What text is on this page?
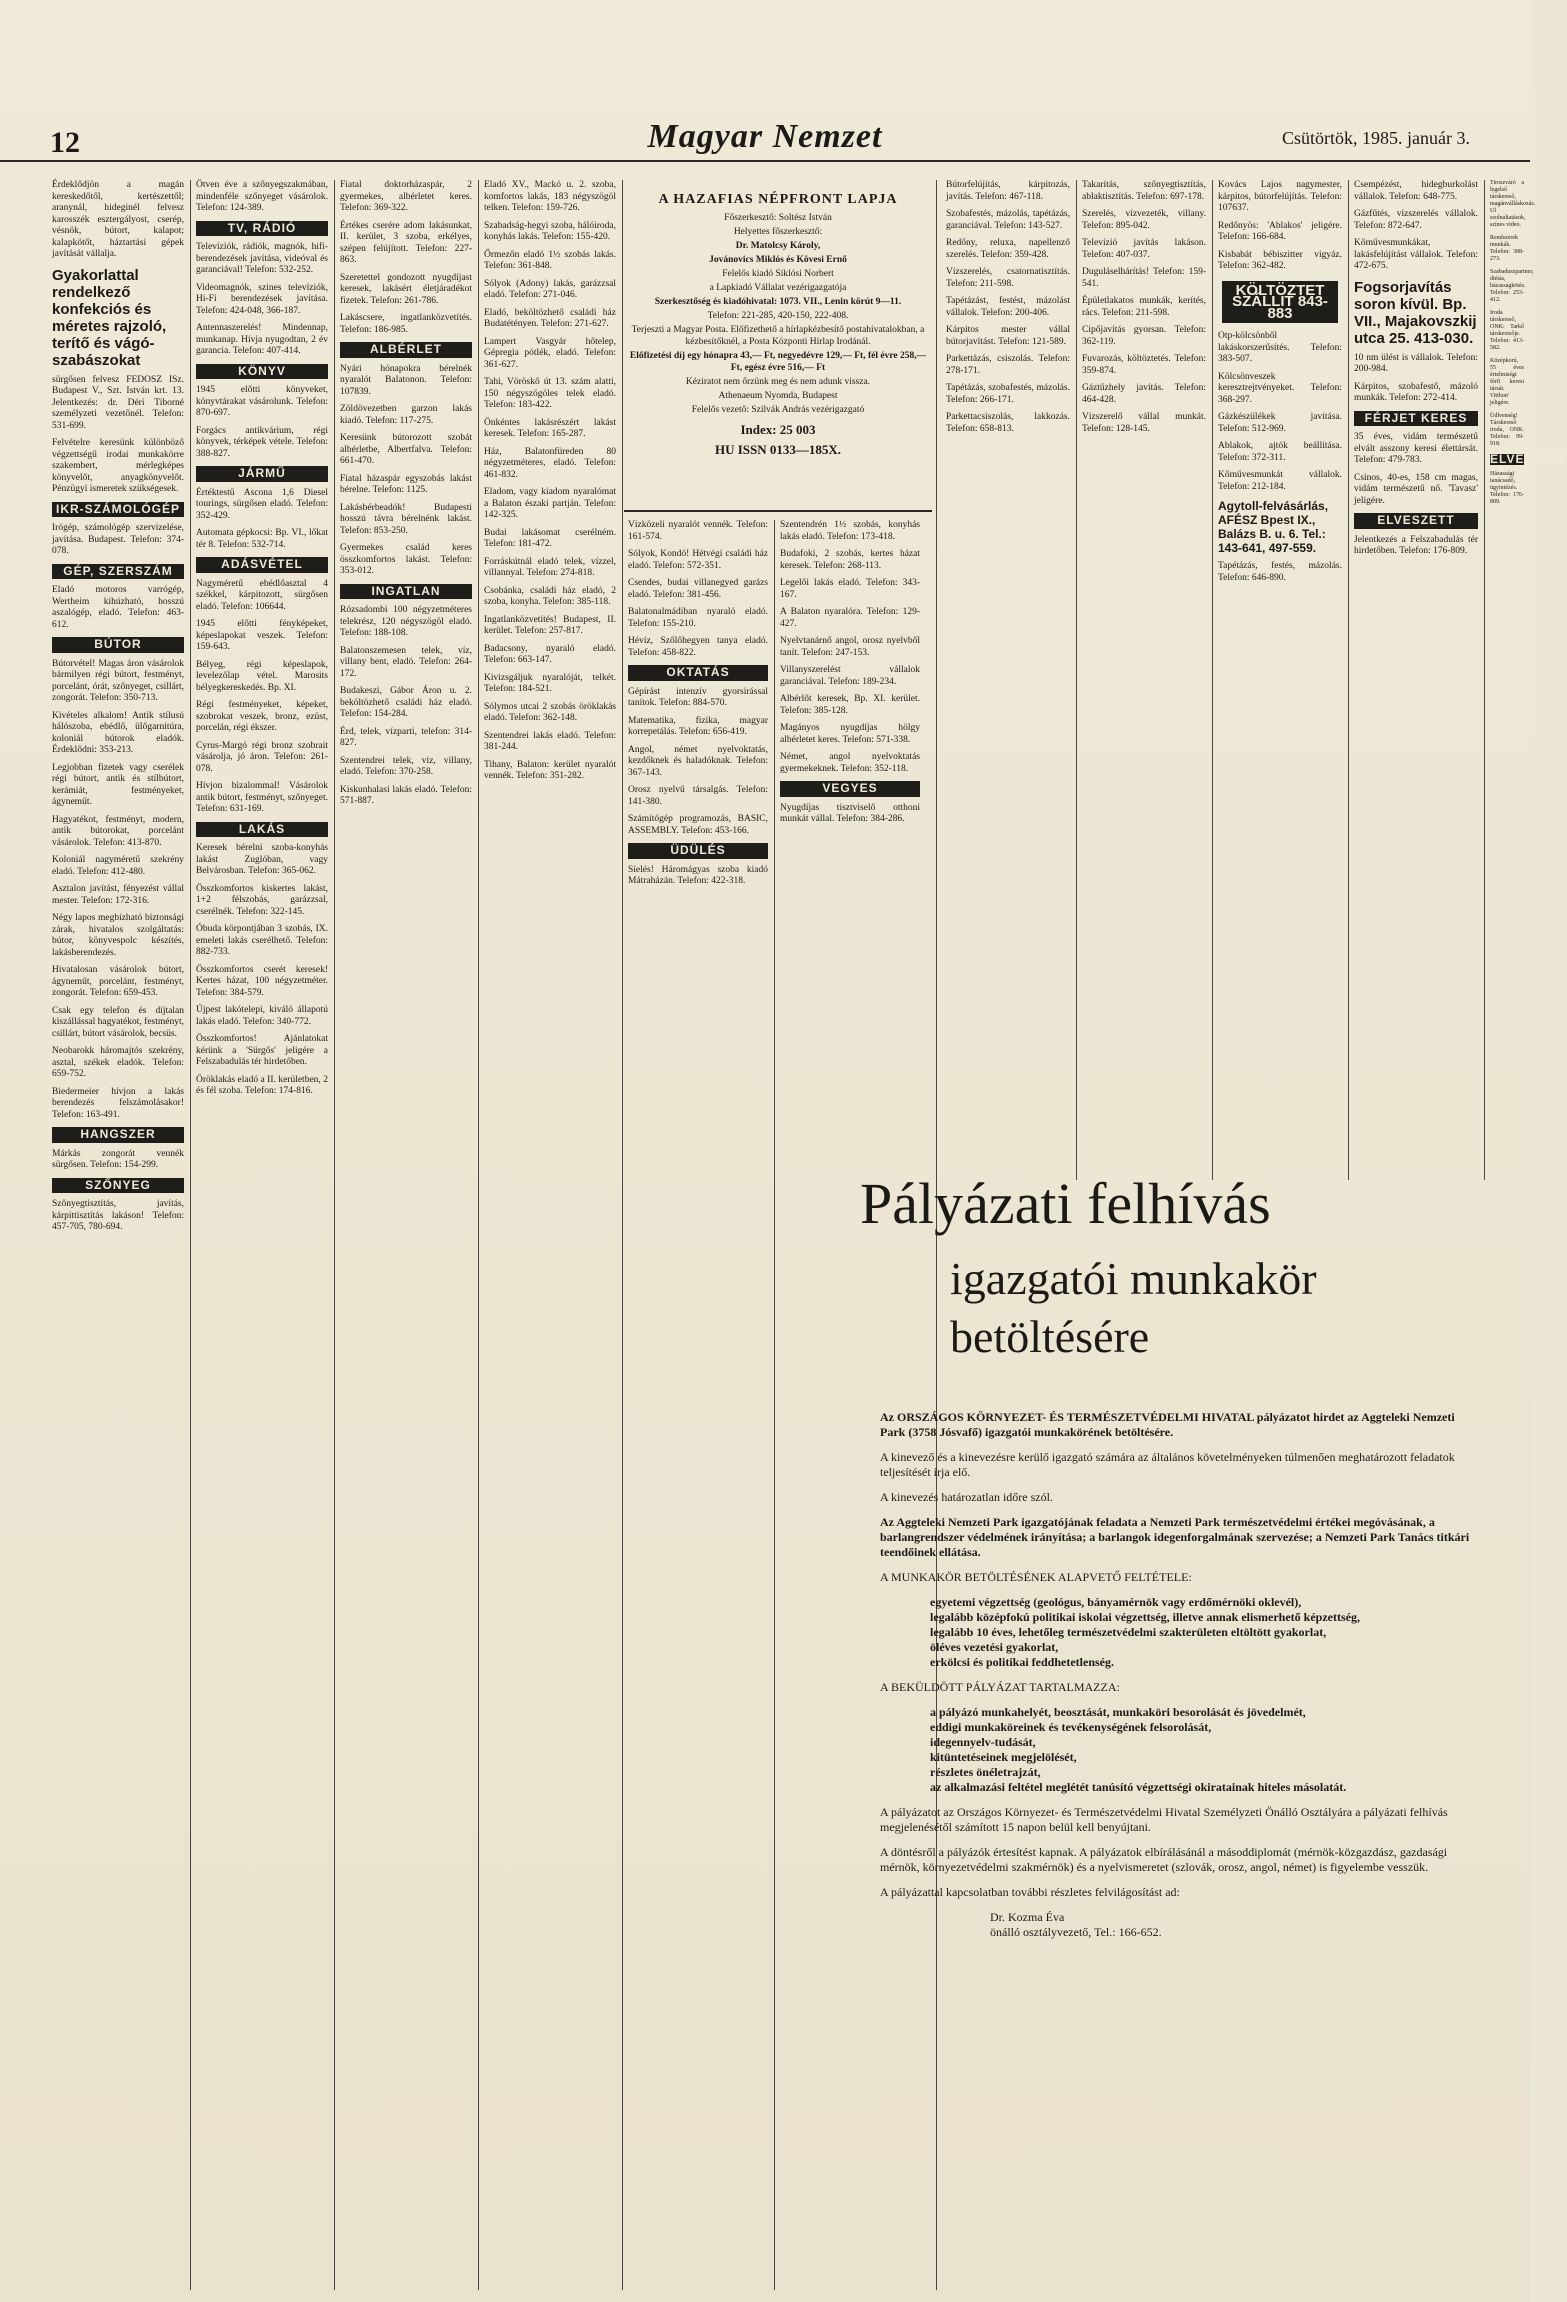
12	Magyar Nemzet	Csütörtök, 1985. január 3.

Érdeklődjön a magán kereskedőtől, kertészettől; aranynál, hideginél felvesz karosszék esztergályost, cserép, vésnök, bútort, kalapot; kalapkötőt, háztartási gépek javítását vállalja.

Gyakorlattal rendelkező konfekciós és méretes rajzoló, terítő és vágó-szabászokat

sürgősen felvesz FEDOSZ ISz. Budapest V., Szt. István krt. 13. Jelentkezés: dr. Déri Tiborné személyzeti vezetőnél. Telefon: 531-699.

Felvételre keresünk különböző végzettségű irodai munkakörre szakembert, mérlegképes könyvelőt, anyagkönyvelőt. Pénzügyi ismeretek szükségesek.

IKR-SZÁMOLÓGÉP

Irógép, számológép szervizelése, javítása. Budapest. Telefon: 374-078.

GÉP, SZERSZÁM

Eladó motoros varrógép, Wertheim kihúzható, hosszú aszalógép, eladó. Telefon: 463-612.

BÚTOR

Bútorvétel! Magas áron vásárolok bármilyen régi bútort, festményt, porcelánt, órát, szőnyeget, csillárt, zongorát. Telefon: 350-713.

Kivételes alkalom! Antik stílusú hálószoba, ebédlő, ülőgarnitúra, koloniál bútorok eladók. Érdeklődni: 353-213.

Legjobban fizetek vagy cserélek régi bútort, antik és stílbútort, kerámiát, festményeket, ágyneműt.

Hagyatékot, festményt, modern, antik bútorokat, porcelánt vásárolok. Telefon: 413-870.

Koloniál nagyméretű szekrény eladó. Telefon: 412-480.

Asztalon javítást, fényezést vállal mester. Telefon: 172-316.

Négy lapos megbízható biztonsági zárak, hivatalos szolgáltatás: bútor, könyvespolc készítés, lakásberendezés.

Hivatalosan vásárolok bútort, ágyneműt, porcelánt, festményt, zongorát. Telefon: 659-453.

Csak egy telefon és díjtalan kiszállással hagyatékot, festményt, csillárt, bútort vásárolok, becsüs.

Neobarokk háromajtós szekrény, asztal, székek eladók. Telefon: 659-752.

Biedermeier hívjon a lakás berendezés felszámolásakor! Telefon: 163-491.

HANGSZER

Márkás zongorát vennék sürgősen. Telefon: 154-299.

SZŐNYEG

Szőnyegtisztítás, javítás, kárpittisztítás lakáson! Telefon: 457-705, 780-694.

Ötven éve a szőnyegszakmában, mindenféle szőnyeget vásárolok. Telefon: 124-389.

TV, RÁDIÓ

Televíziók, rádiók, magnók, hifi-berendezések javítása, videóval és garanciával! Telefon: 532-252.

Videomagnók, szines televíziók, Hi-Fi berendezések javítása. Telefon: 424-048, 366-187.

Antennaszerelés! Mindennap, munkanap. Hívja nyugodtan, 2 év garancia. Telefon: 407-414.

KÖNYV

1945 előtti könyveket, könyvtárakat vásárolunk. Telefon: 870-697.

Forgács antikvárium, régi könyvek, térképek vétele. Telefon: 388-827.

JÁRMŰ

Értéktestű Ascona 1,6 Diesel tourings, sürgősen eladó. Telefon: 352-429.

Automata gépkocsi: Bp. VI., lőkat tér 8. Telefon: 532-714.

ADÁSVÉTEL

Nagyméretű ebédlőasztal 4 székkel, kárpitozott, sürgősen eladó. Telefon: 106644.

1945 előtti fényképeket, képeslapokat veszek. Telefon: 159-643.

Bélyeg, régi képeslapok, levelezőlap vétel. Marosits bélyegkereskedés. Bp. XI.

Régi festményeket, képeket, szobrokat veszek, bronz, ezüst, porcelán, régi ékszer.

Cyrus-Margó régi bronz szobrait vásárolja, jó áron. Telefon: 261-078.

Hívjon bizalommal! Vásárolok antik bútort, festményt, szőnyeget. Telefon: 631-169.

LAKÁS

Keresek bérelni szoba-konyhás lakást Zuglóban, vagy Belvárosban. Telefon: 365-062.

Összkomfortos kiskertes lakást, 1+2 félszobás, garázzsal, cserélnék. Telefon: 322-145.

Óbuda körpontjában 3 szobás, IX. emeleti lakás cserélhető. Telefon: 882-733.

Összkomfortos cserét keresek! Kertes házat, 100 négyzetméter. Telefon: 384-579.

Újpest lakótelepi, kiváló állapotú lakás eladó. Telefon: 340-772.

Összkomfortos! Ajánlatokat kérünk a 'Sürgős' jeligére a Felszabadulás tér hirdetőben.

Öröklakás eladó a II. kerületben, 2 és fél szoba. Telefon: 174-816.

Fiatal doktorházaspár, 2 gyermekes, albérletet keres. Telefon: 369-322.

Értékes cserére adom lakásunkat, II. kerület, 3 szoba, erkélyes, szépen felújított. Telefon: 227-863.

Szeretettel gondozott nyugdíjast keresek, lakásért életjáradékot fizetek. Telefon: 261-786.

Lakáscsere, ingatlanközvetítés. Telefon: 186-985.

ALBÉRLET

Nyári hónapokra bérelnék nyaralót Balatonon. Telefon: 107839.

Zöldövezetben garzon lakás kiadó. Telefon: 117-275.

Keresünk bútorozott szobát albérletbe, Albertfalva. Telefon: 661-470.

Fiatal házaspár egyszobás lakást bérelne. Telefon: 1125.

Lakásbérbeadók! Budapesti hosszú távra bérelnénk lakást. Telefon: 853-250.

Gyermekes család keres összkomfortos lakást. Telefon: 353-012.

INGATLAN

Rózsadombi 100 négyzetméteres telekrész, 120 négyszögöl eladó. Telefon: 188-108.

Balatonszemesen telek, víz, villany bent, eladó. Telefon: 264-172.

Budakeszi, Gábor Áron u. 2. beköltözhető családi ház eladó. Telefon: 154-284.

Érd, telek, vízparti, telefon: 314-827.

Szentendrei telek, víz, villany, eladó. Telefon: 370-258.

Kiskunhalasi lakás eladó. Telefon: 571-887.

Eladó XV., Mackó u. 2. szoba, komfortos lakás, 183 négyszögöl telken. Telefon: 159-726.

Szabadság-hegyi szoba, hálóiroda, konyhás lakás. Telefon: 155-420.

Őrmezőn eladó 1½ szobás lakás. Telefon: 361-848.

Sólyok (Adony) lakás, garázzsal eladó. Telefon: 271-046.

Eladó, beköltözhető családi ház Budatétényen. Telefon: 271-627.

Lampert Vasgyár hőtelep, Gépregia pótlék, eladó. Telefon: 361-627.

Tahi, Vöröskő út 13. szám alatti, 150 négyszögöles telek eladó. Telefon: 183-422.

Önkéntes lakásrészért lakást keresek. Telefon: 165-287.

Ház, Balatonfüreden 80 négyzetméteres, eladó. Telefon: 461-832.

Eladom, vagy kiadom nyaralómat a Balaton északi partján. Telefon: 142-325.

Budai lakásomat cserélném. Telefon: 181-472.

Forráskútnál eladó telek, vízzel, villannyal. Telefon: 274-818.

Csobánka, családi ház eladó, 2 szoba, konyha. Telefon: 385-118.

Ingatlanközvetítés! Budapest, II. kerület. Telefon: 257-817.

Badacsony, nyaraló eladó. Telefon: 663-147.

Kivizsgáljuk nyaralóját, telkét. Telefon: 184-521.

Sólymos utcai 2 szobás öröklakás eladó. Telefon: 362-148.

Szentendrei lakás eladó. Telefon: 381-244.

Tihany, Balaton: kerület nyaralót vennék. Telefon: 351-282.

A HAZAFIAS NÉPFRONT LAPJA
Főszerkesztő: Soltész István
Helyettes főszerkesztő:
Dr. Matolcsy Károly,
Jovánovics Miklós és Kövesi Ernő
Felelős kiadó Siklósi Norbert
a Lapkiadó Vállalat vezérigazgatója
Szerkesztőség és kiadóhivatal: 1073. VII., Lenin körút 9—11.
Telefon: 221-285, 420-150, 222-408.
Terjeszti a Magyar Posta. Előfizethető a hírlapkézbesítő postahivatalokban, a kézbesítőknél, a Posta Központi Hírlap Irodánál.
Előfizetési díj egy hónapra 43,— Ft, negyedévre 129,— Ft, fél évre 258,— Ft, egész évre 516,— Ft
Kéziratot nem őrzünk meg és nem adunk vissza.
Athenaeum Nyomda, Budapest
Felelős vezető: Szilvák András vezérigazgató
Index: 25 003
HU ISSN 0133—185X.

Vízközeli nyaralót vennék. Telefon: 161-574.

Sólyok, Kondó! Hétvégi családi ház eladó. Telefon: 572-351.

Csendes, budai villanegyed garázs eladó. Telefon: 381-456.

Balatonalmádiban nyaraló eladó. Telefon: 155-210.

Hévíz, Szőlőhegyen tanya eladó. Telefon: 458-822.

OKTATÁS

Gépírást intenzív gyorsírással tanítok. Telefon: 884-570.

Matematika, fizika, magyar korrepetálás. Telefon: 656-419.

Angol, német nyelvoktatás, kezdőknek és haladóknak. Telefon: 367-143.

Orosz nyelvű társalgás. Telefon: 141-380.

Számítógép programozás, BASIC, ASSEMBLY. Telefon: 453-166.

ÜDÜLÉS

Síelés! Háromágyas szoba kiadó Mátraházán. Telefon: 422-318.

Szentendrén 1½ szobás, konyhás lakás eladó. Telefon: 173-418.

Budafoki, 2 szobás, kertes házat keresek. Telefon: 268-113.

Legelői lakás eladó. Telefon: 343-167.

A Balaton nyaralóra. Telefon: 129-427.

Nyelvtanárnő angol, orosz nyelvből tanít. Telefon: 247-153.

Villanyszerelést vállalok garanciával. Telefon: 189-234.

Albérlőt keresek, Bp. XI. kerület. Telefon: 385-128.

Magányos nyugdíjas hölgy albérletet keres. Telefon: 571-338.

Német, angol nyelvoktatás gyermekeknek. Telefon: 352-118.

VEGYES

Nyugdíjas tisztviselő otthoni munkát vállal. Telefon: 384-286.

Bútorfelújítás, kárpitozás, javítás. Telefon: 467-118.

Szobafestés, mázolás, tapétázás, garanciával. Telefon: 143-527.

Redőny, reluxa, napellenző szerelés. Telefon: 359-428.

Vízszerelés, csatornatisztítás. Telefon: 211-598.

Tapétázást, festést, mázolást vállalok. Telefon: 200-406.

Kárpitos mester vállal bútorjavítást. Telefon: 121-589.

Parkettázás, csiszolás. Telefon: 278-171.

Tapétázás, szobafestés, mázolás. Telefon: 266-171.

Parkettacsiszolás, lakkozás. Telefon: 658-813.

Takarítás, szőnyegtisztítás, ablaktisztítás. Telefon: 697-178.

Szerelés, vízvezeték, villany. Telefon: 895-042.

Televízió javítás lakáson. Telefon: 407-037.

Duguláselhárítás! Telefon: 159-541.

Épületlakatos munkák, kerítés, rács. Telefon: 211-598.

Cipőjavítás gyorsan. Telefon: 362-119.

Fuvarozás, költöztetés. Telefon: 359-874.

Gáztűzhely javítás. Telefon: 464-428.

Vízszerelő vállal munkát. Telefon: 128-145.

Kovács Lajos nagymester, kárpitos, bútorfelújítás. Telefon: 107637.

Redőnyös: 'Ablakos' jeligére. Telefon: 166-684.

Kisbabát bébiszitter vigyáz. Telefon: 362-482.

KÖLTÖZTET SZÁLLIT 843-883

Otp-kölcsönből lakáskorszerűsítés. Telefon: 383-507.

Kölcsönveszek keresztrejtvényeket. Telefon: 368-297.

Gázkészülékek javítása. Telefon: 512-969.

Ablakok, ajtók beállítása. Telefon: 372-311.

Kőművesmunkát vállalok. Telefon: 212-184.

Agytoll-felvásárlás, AFÉSZ Bpest IX., Balázs B. u. 6. Tel.: 143-641, 497-559.

Tapétázás, festés, mázolás. Telefon: 646-890.

Csempézést, hidegburkolást vállalok. Telefon: 648-775.

Gázfűtés, vízszerelés vállalok. Telefon: 872-647.

Kőművesmunkákat, lakásfelújítást vállalok. Telefon: 472-675.

Fogsorjavítás soron kívül. Bp. VII., Majakovszkij utca 25. 413-030.

10 nm ülést is vállalok. Telefon: 200-984.

Kárpitos, szobafestő, mázoló munkák. Telefon: 272-414.

FÉRJET KERES

35 éves, vidám természetű elvált asszony keresi élettársát. Telefon: 479-783.

Csinos, 40-es, 158 cm magas, vidám természetű nő. 'Tavasz' jeligére.

ELVESZETT

Jelentkezés a Felszabadulás tér hirdetőben. Telefon: 176-809.

Tiroszváró a legelső társkereső, magánválláskozás. Ul szolnaltatások, színes video.

Rendszerek munkák. Telefon: 388-273.

Szabaduszpartner, diétás, házasságkötés. Telefon: 253-412.

Iroda társkereső, ONK: Tarkő társkeresője. Telefon: 413-582.

Középkorú, 55 éves értelmiségi férfi keresi társát. 'Otthon' jeligére.

Üdlvenség! Társkereső iroda, ONK. Telefon: 99-918.

ELVESZETT

Házassági tanácsadó, ügyintézés. Telefon: 176-809.

Pályázati felhívás
igazgatói munkakör
betöltésére

Az ORSZÁGOS KÖRNYEZET- ÉS TERMÉSZETVÉDELMI HIVATAL pályázatot hirdet az Aggteleki Nemzeti Park (3758 Jósvafő) igazgatói munkakörének betöltésére.

A kinevező és a kinevezésre kerülő igazgató számára az általános követelményeken túlmenően meghatározott feladatok teljesítését írja elő.

A kinevezés határozatlan időre szól.

Az Aggteleki Nemzeti Park igazgatójának feladata a Nemzeti Park természetvédelmi értékei megóvásának, a barlangrendszer védelmének irányítása; a barlangok idegenforgalmának szervezése; a Nemzeti Park Tanács titkári teendőinek ellátása.

A MUNKAKÖR BETÖLTÉSÉNEK ALAPVETŐ FELTÉTELE:

egyetemi végzettség (geológus, bányamérnök vagy erdőmérnöki oklevél),
legalább középfokú politikai iskolai végzettség, illetve annak elismerhető képzettség,
legalább 10 éves, lehetőleg természetvédelmi szakterületen eltöltött gyakorlat,
öléves vezetési gyakorlat,
erkölcsi és politikai feddhetetlenség.

A BEKÜLDÖTT PÁLYÁZAT TARTALMAZZA:

a pályázó munkahelyét, beosztását, munkaköri besorolását és jövedelmét,
eddigi munkaköreinek és tevékenységének felsorolását,
idegennyelv-tudását,
kitüntetéseinek megjelölését,
részletes önéletrajzát,
az alkalmazási feltétel meglétét tanúsító végzettségi okiratainak hiteles másolatát.

A pályázatot az Országos Környezet- és Természetvédelmi Hivatal Személyzeti Önálló Osztályára a pályázati felhívás megjelenésétől számított 15 napon belül kell benyújtani.

A döntésről a pályázók értesítést kapnak. A pályázatok elbírálásánál a másoddiplomát (mérnök-közgazdász, gazdasági mérnök, környezetvédelmi szakmérnök) és a nyelvismeretet (szlovák, orosz, angol, német) is figyelembe vesszük.

A pályázattal kapcsolatban további részletes felvilágosítást ad:

Dr. Kozma Éva
önálló osztályvezető, Tel.: 166-652.
